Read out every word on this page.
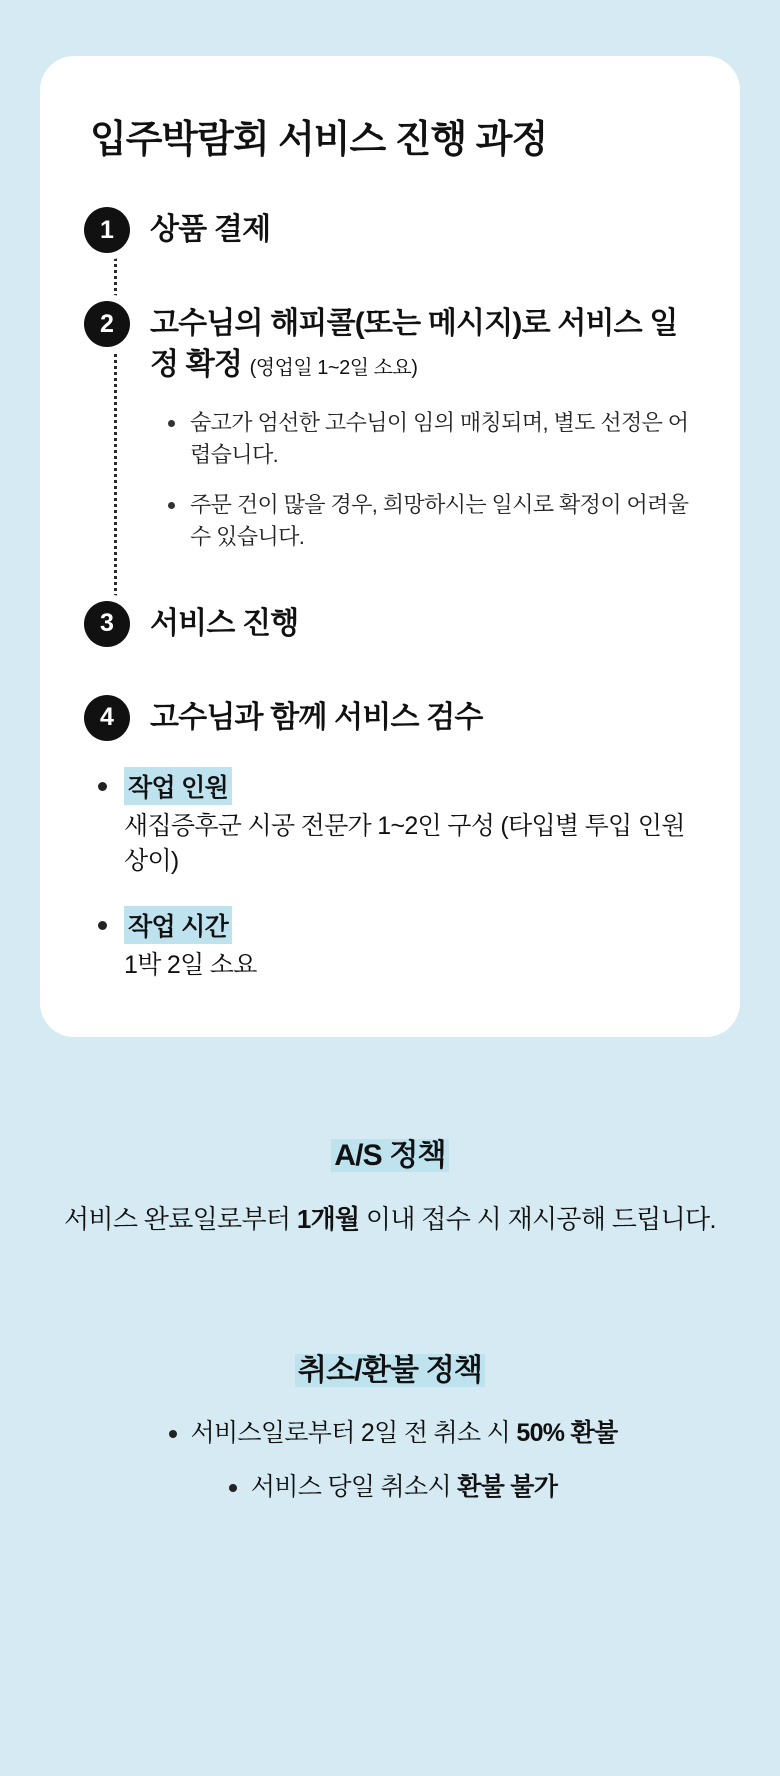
입주박람회 서비스 진행 과정
1	상품 결제

2	고수님의 해피콜(또는 메시지)로 서비스 일정 확정 (영업일 1~2일 소요)

숨고가 엄선한 고수님이 임의 매칭되며, 별도 선정은 어렵습니다.
주문 건이 많을 경우, 희망하시는 일시로 확정이 어려울 수 있습니다.
3	서비스 진행

4	고수님과 함께 서비스 검수

작업 인원
새집증후군 시공 전문가 1~2인 구성 (타입별 투입 인원 상이)
작업 시간
1박 2일 소요
A/S 정책

서비스 완료일로부터 1개월 이내 접수 시 재시공해 드립니다.

취소/환불 정책
서비스일로부터 2일 전 취소 시 50% 환불 서비스 당일 취소시 환불 불가
